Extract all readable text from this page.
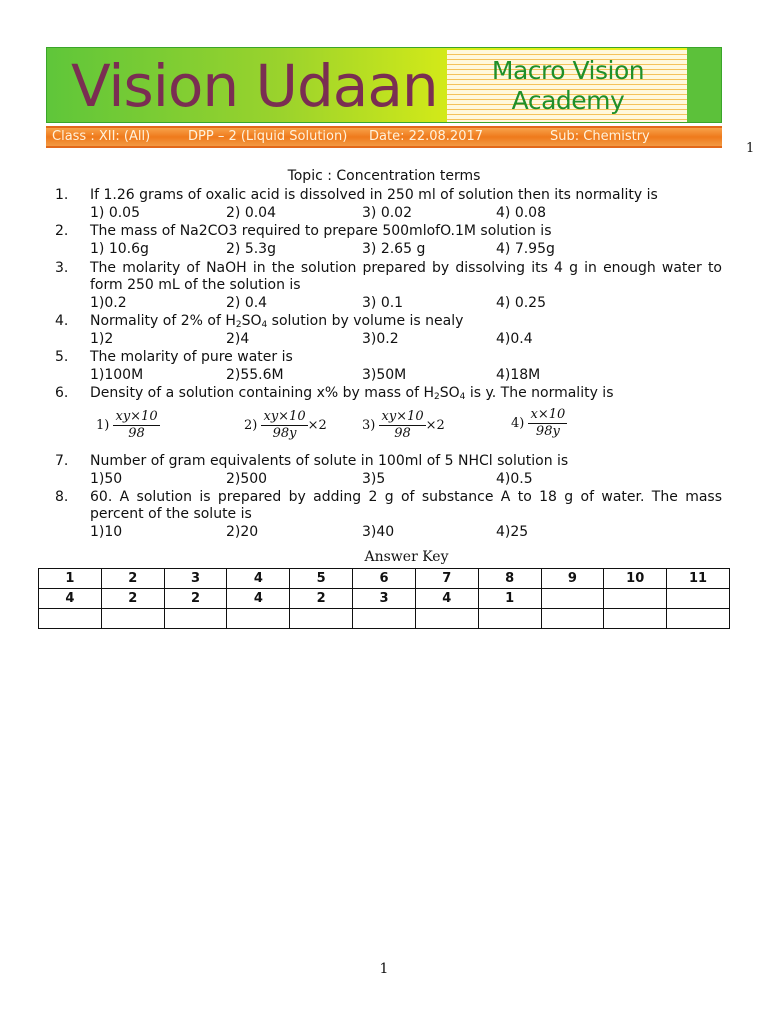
Vision Udaan	Macro Vision
Academy
Class : XII: (All)	DPP – 2 (Liquid Solution) Date: 22.08.2017	Sub: Chemistry
1
Topic : Concentration terms
1. If 1.26 grams of oxalic acid is dissolved in 250 ml of solution then its normality is
1) 0.05	2) 0.04	3) 0.02	4) 0.08
2. The mass of Na2CO3 required to prepare 500mlofO.1M solution is
1) 10.6g	2) 5.3g	3) 2.65 g	4) 7.95g
3. The molarity of NaOH in the solution prepared by dissolving its 4 g in enough water to form 250 mL of the solution is
1)0.2	2) 0.4	3) 0.1	4) 0.25
4. Normality of 2% of $H_2SO_4$ solution by volume is nealy
1)2	2)4	3)0.2	4)0.4
5. The molarity of pure water is
1)100M	2)55.6M	3)50M	4)18M
6. Density of a solution containing x% by mass of $H_2SO_4$ is y. The normality is
$1) \frac{xy\times 10}{98}$	$2) \frac{xy\times 10}{98y} \times 2$	$3) \frac{xy\times 10}{98} \times 2$	$4) \frac{x\times 10}{98y}$
7. Number of gram equivalents of solute in 100ml of 5 NHCl solution is
1)50	2)500	3)5	4)0.5
8. 60. A solution is prepared by adding 2 g of substance A to 18 g of water. The mass percent of the solute is
1)10	2)20	3)40	4)25
Answer Key
1	2	3	4	5	6	7	8	9	10	11
4	2	2	4	2	3	4	1			

1
